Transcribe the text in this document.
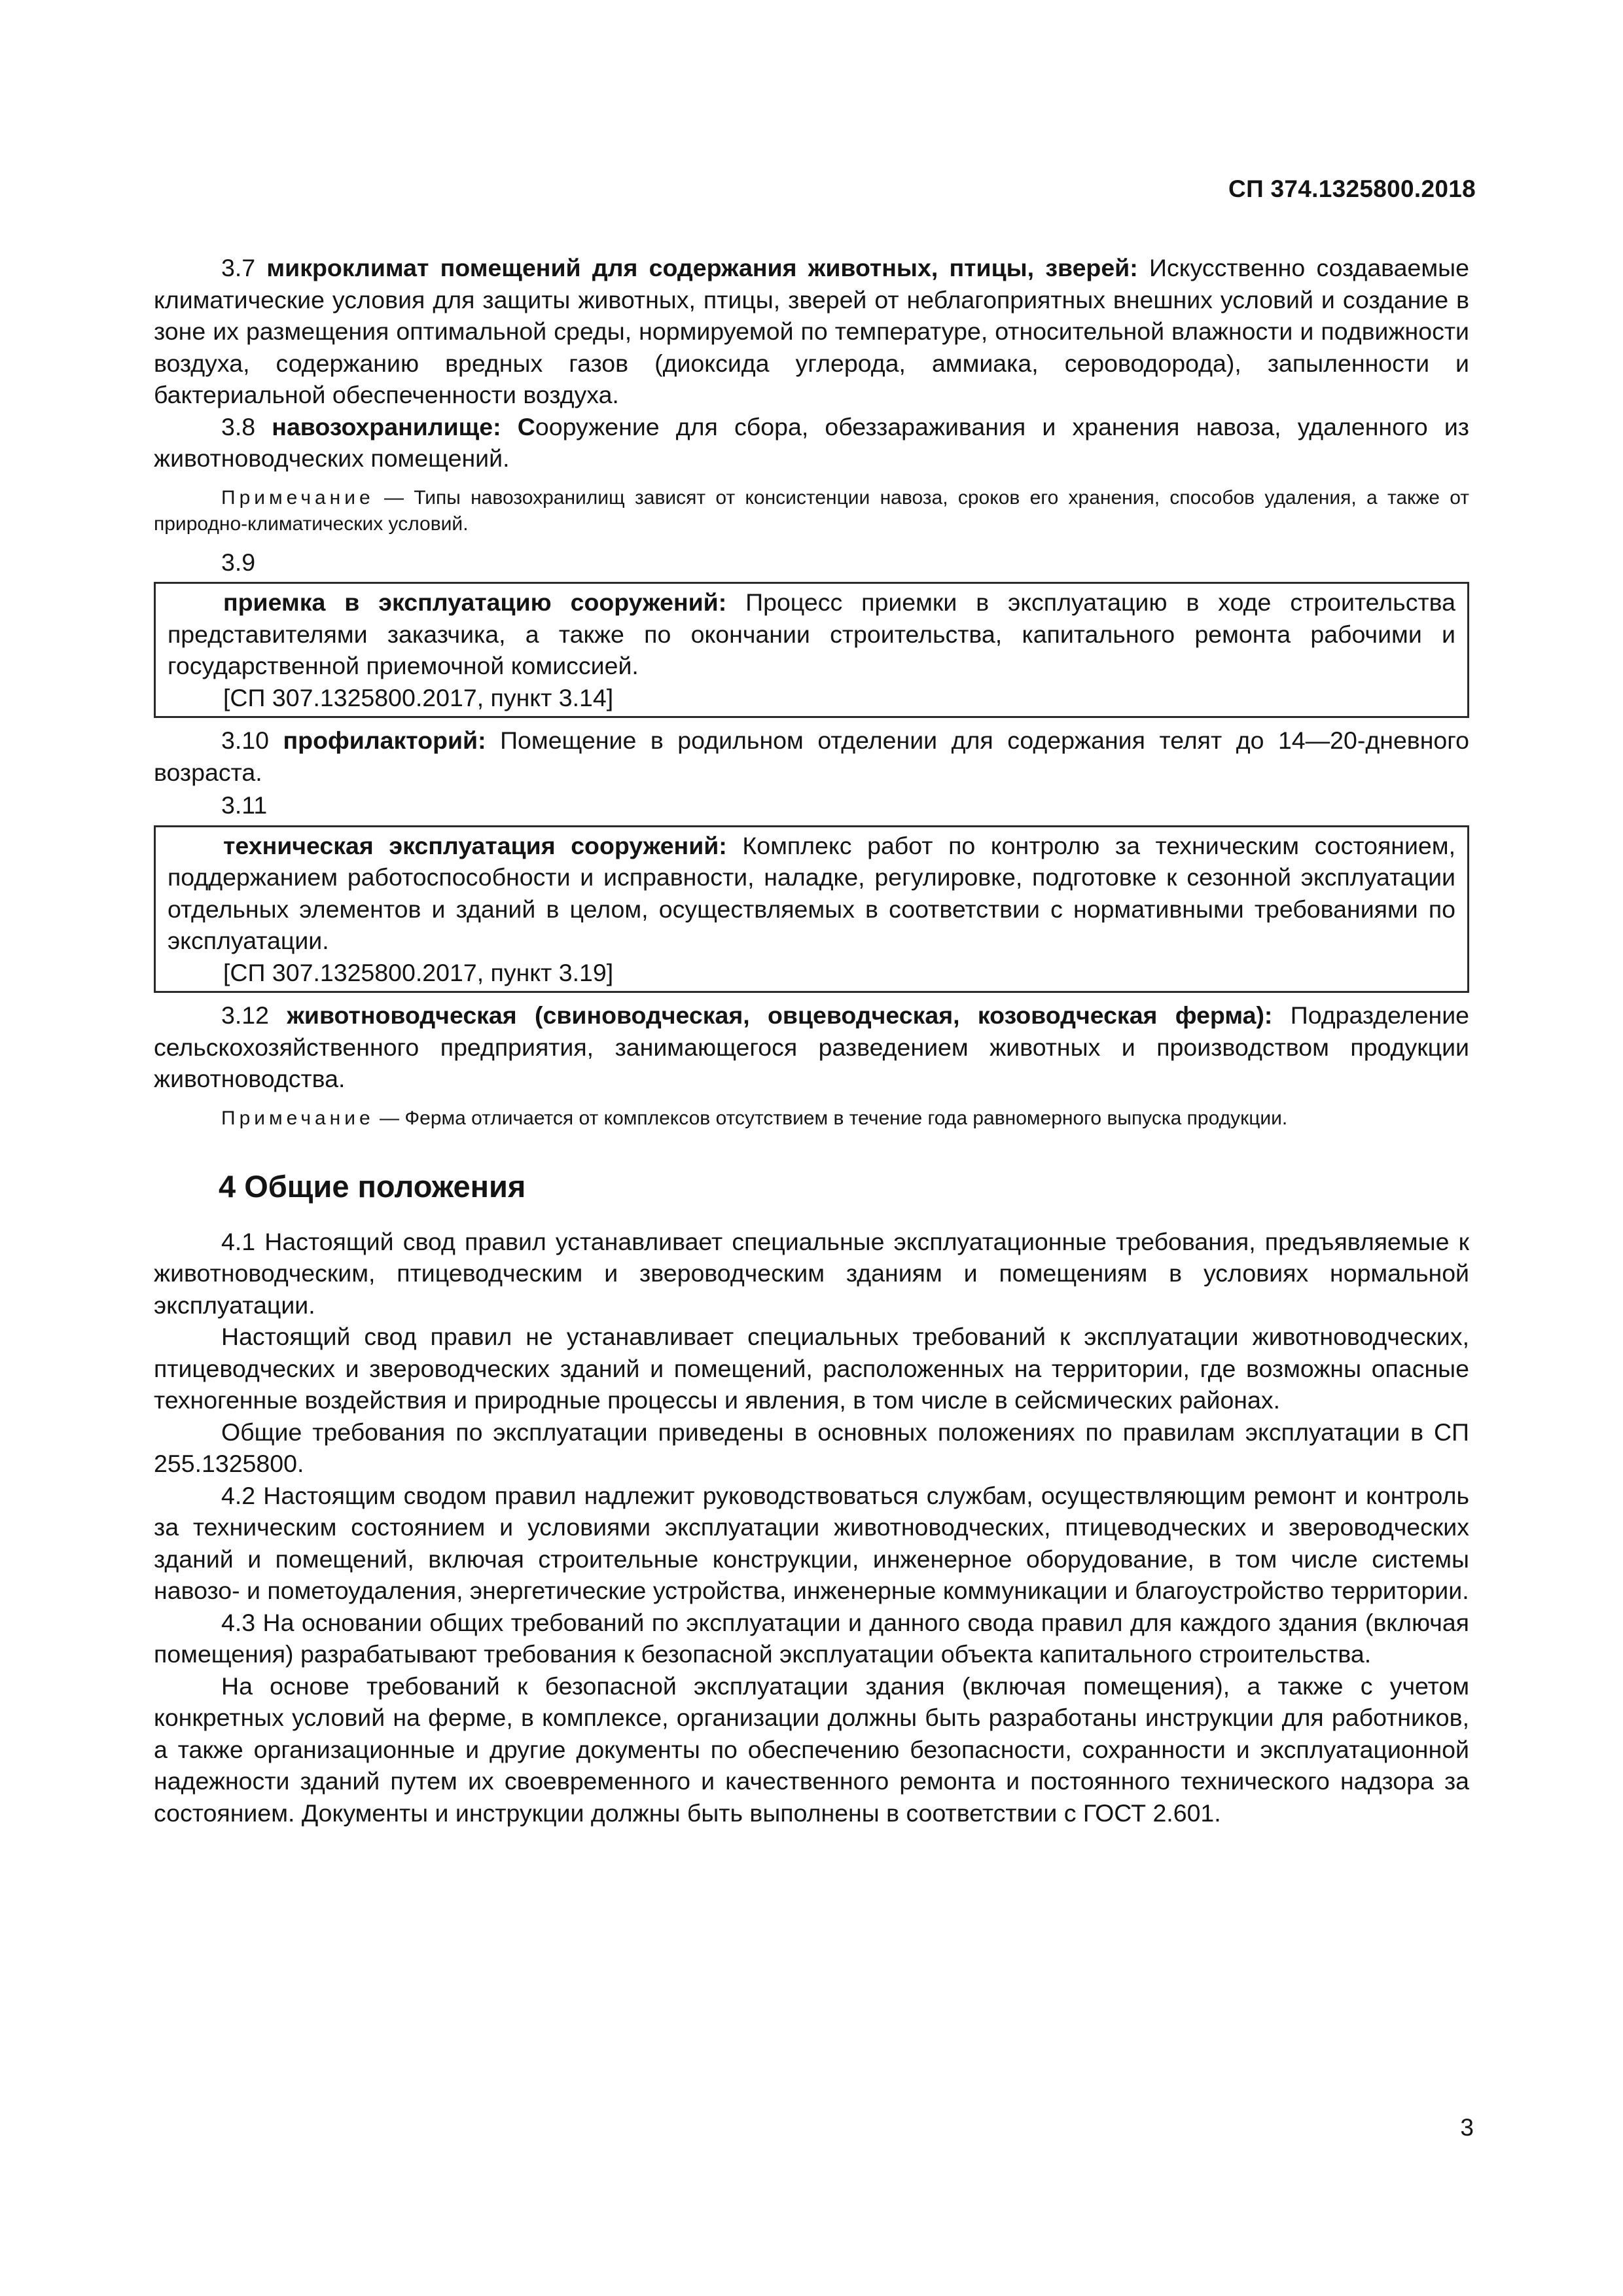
СП 374.1325800.2018

3.7 микроклимат помещений для содержания животных, птицы, зверей: Искусственно создаваемые климатические условия для защиты животных, птицы, зверей от неблагоприятных внешних условий и создание в зоне их размещения оптимальной среды, нормируемой по температуре, относительной влажности и подвижности воздуха, содержанию вредных газов (диоксида углерода, аммиака, сероводорода), запыленности и бактериальной обеспеченности воздуха.

3.8 навозохранилище: Сооружение для сбора, обеззараживания и хранения навоза, удаленного из животноводческих помещений.

Примечание — Типы навозохранилищ зависят от консистенции навоза, сроков его хранения, способов удаления, а также от природно-климатических условий.
3.9

приемка в эксплуатацию сооружений: Процесс приемки в эксплуатацию в ходе строительства представителями заказчика, а также по окончании строительства, капитального ремонта рабочими и государственной приемочной комиссией.

[СП 307.1325800.2017, пункт 3.14]

3.10 профилакторий: Помещение в родильном отделении для содержания телят до 14—20-дневного возраста.

3.11

техническая эксплуатация сооружений: Комплекс работ по контролю за техническим состоянием, поддержанием работоспособности и исправности, наладке, регулировке, подготовке к сезонной эксплуатации отдельных элементов и зданий в целом, осуществляемых в соответствии с нормативными требованиями по эксплуатации.

[СП 307.1325800.2017, пункт 3.19]

3.12 животноводческая (свиноводческая, овцеводческая, козоводческая ферма): Подразделение сельскохозяйственного предприятия, занимающегося разведением животных и производством продукции животноводства.

Примечание — Ферма отличается от комплексов отсутствием в течение года равномерного выпуска продукции.
4 Общие положения

4.1 Настоящий свод правил устанавливает специальные эксплуатационные требования, предъявляемые к животноводческим, птицеводческим и звероводческим зданиям и помещениям в условиях нормальной эксплуатации.

Настоящий свод правил не устанавливает специальных требований к эксплуатации животноводческих, птицеводческих и звероводческих зданий и помещений, расположенных на территории, где возможны опасные техногенные воздействия и природные процессы и явления, в том числе в сейсмических районах.

Общие требования по эксплуатации приведены в основных положениях по правилам эксплуатации в СП 255.1325800.

4.2 Настоящим сводом правил надлежит руководствоваться службам, осуществляющим ремонт и контроль за техническим состоянием и условиями эксплуатации животноводческих, птицеводческих и звероводческих зданий и помещений, включая строительные конструкции, инженерное оборудование, в том числе системы навозо- и пометоудаления, энергетические устройства, инженерные коммуникации и благоустройство территории.

4.3 На основании общих требований по эксплуатации и данного свода правил для каждого здания (включая помещения) разрабатывают требования к безопасной эксплуатации объекта капитального строительства.

На основе требований к безопасной эксплуатации здания (включая помещения), а также с учетом конкретных условий на ферме, в комплексе, организации должны быть разработаны инструкции для работников, а также организационные и другие документы по обеспечению безопасности, сохранности и эксплуатационной надежности зданий путем их своевременного и качественного ремонта и постоянного технического надзора за состоянием. Документы и инструкции должны быть выполнены в соответствии с ГОСТ 2.601.

3
